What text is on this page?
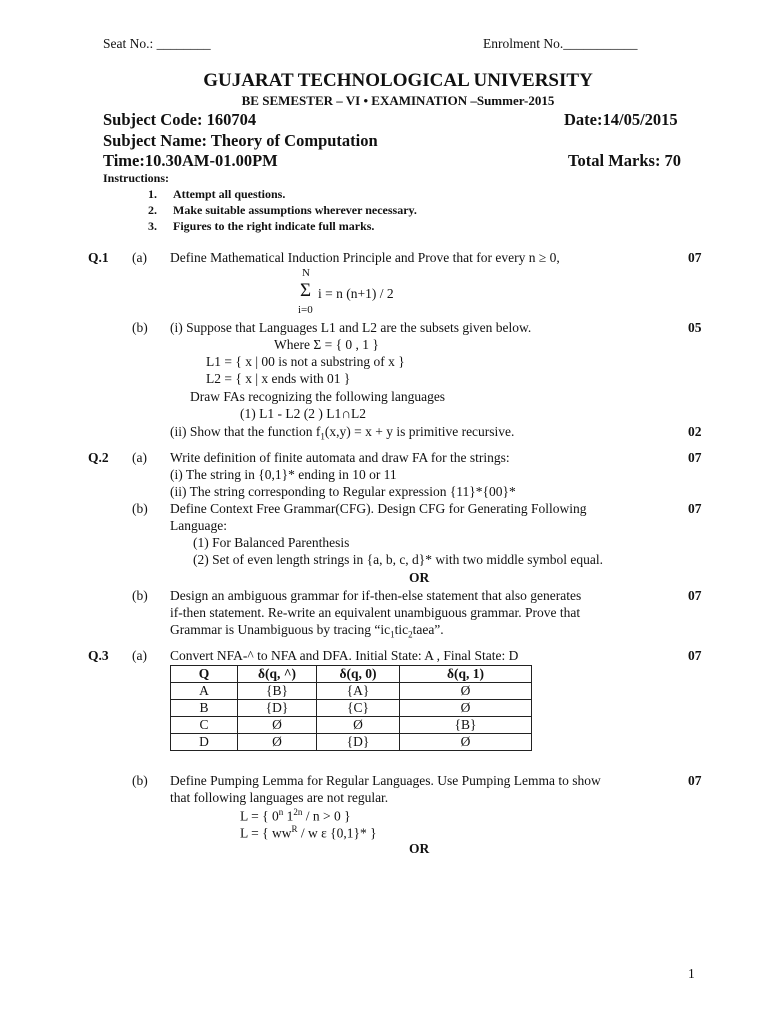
Seat No.: ________	Enrolment No.___________
GUJARAT TECHNOLOGICAL UNIVERSITY
BE SEMESTER – VI • EXAMINATION –Summer-2015
Subject Code: 160704	Date:14/05/2015
Subject Name: Theory of Computation
Time:10.30AM-01.00PM	Total Marks: 70
Instructions:
1. Attempt all questions.
2. Make suitable assumptions wherever necessary.
3. Figures to the right indicate full marks.
Q.1 (a) Define Mathematical Induction Principle and Prove that for every n ≥ 0,	07
N
Σ i = n (n+1) / 2
i=0
(b) (i) Suppose that Languages L1 and L2 are the subsets given below.	05
Where Σ = { 0 , 1 }
L1 = { x | 00 is not a substring of x }
L2 = { x | x ends with 01 }
Draw FAs recognizing the following languages
(1) L1 - L2 (2 ) L1∩L2
(ii) Show that the function $f_1(x,y) = x + y$ is primitive recursive.	02
Q.2 (a) Write definition of finite automata and draw FA for the strings:	07
(i) The string in {0,1}* ending in 10 or 11
(ii) The string corresponding to Regular expression {11}*{00}*
(b) Define Context Free Grammar(CFG). Design CFG for Generating Following	07
Language:
(1) For Balanced Parenthesis
(2) Set of even length strings in {a, b, c, d}* with two middle symbol equal.
OR
(b) Design an ambiguous grammar for if-then-else statement that also generates	07
if-then statement. Re-write an equivalent unambiguous grammar. Prove that
Grammar is Unambiguous by tracing “$ic_1tic_2taea$”.
Q.3 (a) Convert NFA-^ to NFA and DFA. Initial State: A , Final State: D	07
Q	δ(q, ^)	δ(q, 0)	δ(q, 1)
A	{B}	{A}	Ø
B	{D}	{C}	Ø
C	Ø	Ø	{B}
D	Ø	{D}	Ø
(b) Define Pumping Lemma for Regular Languages. Use Pumping Lemma to show	07
that following languages are not regular.
L = { 0$^n$ $1^{2n} / n > 0$ }
L = { $ww^R$ / w ε {0,1}* }
OR
1
